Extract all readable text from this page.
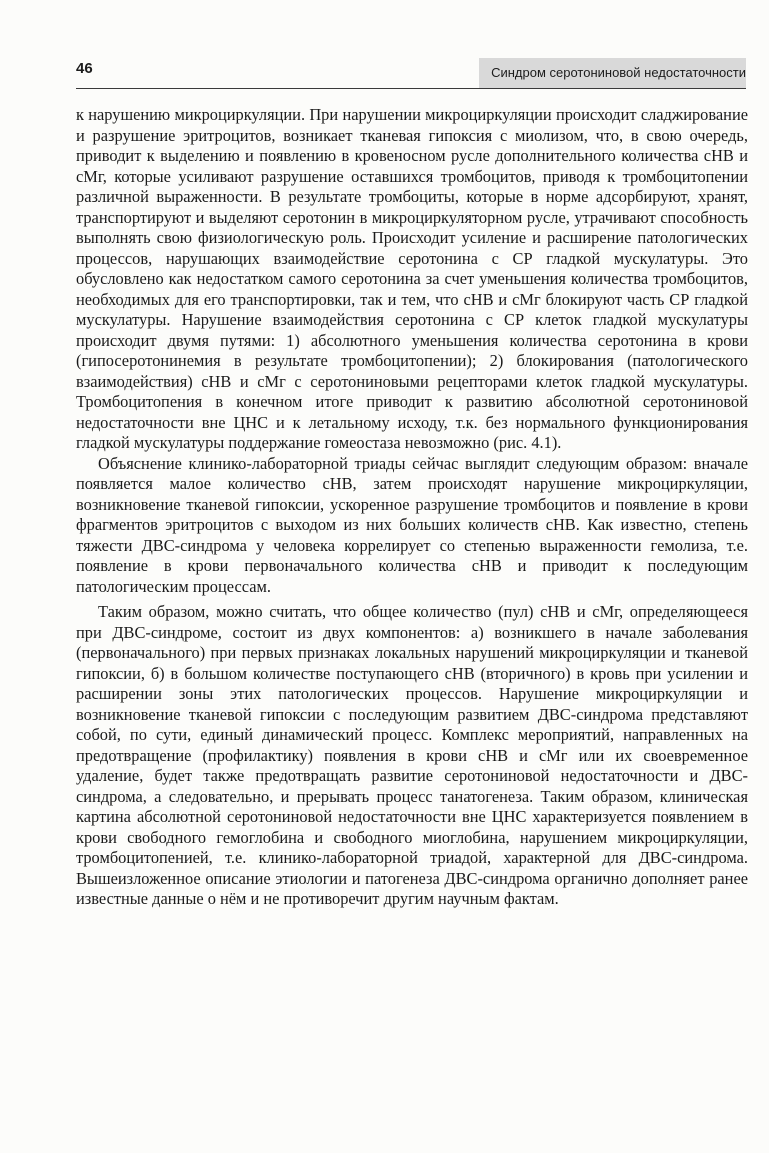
46	Синдром серотониновой недостаточности

к нарушению микроциркуляции. При нарушении микроциркуляции происходит сладжирование и разрушение эритроцитов, возникает тканевая гипоксия с миолизом, что, в свою очередь, приводит к выделению и появлению в кровеносном русле дополнительного количества сНВ и сМг, которые усиливают разрушение оставшихся тромбоцитов, приводя к тромбоцитопении различной выраженности. В результате тромбоциты, которые в норме адсорбируют, хранят, транспортируют и выделяют серотонин в микроциркуляторном русле, утрачивают способность выполнять свою физиологическую роль. Происходит усиление и расширение патологических процессов, нарушающих взаимодействие серотонина с СР гладкой мускулатуры. Это обусловлено как недостатком самого серотонина за счет уменьшения количества тромбоцитов, необходимых для его транспортировки, так и тем, что сНВ и сМг блокируют часть СР гладкой мускулатуры. Нарушение взаимодействия серотонина с СР клеток гладкой мускулатуры происходит двумя путями: 1) абсолютного уменьшения количества серотонина в крови (гипосеротонинемия в результате тромбоцитопении); 2) блокирования (патологического взаимодействия) сНВ и сМг с серотониновыми рецепторами клеток гладкой мускулатуры. Тромбоцитопения в конечном итоге приводит к развитию абсолютной серотониновой недостаточности вне ЦНС и к летальному исходу, т.к. без нормального функционирования гладкой мускулатуры поддержание гомеостаза невозможно (рис. 4.1).

Объяснение клинико-лабораторной триады сейчас выглядит следующим образом: вначале появляется малое количество сНВ, затем происходят нарушение микроциркуляции, возникновение тканевой гипоксии, ускоренное разрушение тромбоцитов и появление в крови фрагментов эритроцитов с выходом из них больших количеств сНВ. Как известно, степень тяжести ДВС-синдрома у человека коррелирует со степенью выраженности гемолиза, т.е. появление в крови первоначального количества сНВ и приводит к последующим патологическим процессам.

Таким образом, можно считать, что общее количество (пул) сНВ и сМг, определяющееся при ДВС-синдроме, состоит из двух компонентов: а) возникшего в начале заболевания (первоначального) при первых признаках локальных нарушений микроциркуляции и тканевой гипоксии, б) в большом количестве поступающего сНВ (вторичного) в кровь при усилении и расширении зоны этих патологических процессов. Нарушение микроциркуляции и возникновение тканевой гипоксии с последующим развитием ДВС-синдрома представляют собой, по сути, единый динамический процесс. Комплекс мероприятий, направленных на предотвращение (профилактику) появления в крови сНВ и сМг или их своевременное удаление, будет также предотвращать развитие серотониновой недостаточности и ДВС-синдрома, а следовательно, и прерывать процесс танатогенеза. Таким образом, клиническая картина абсолютной серотониновой недостаточности вне ЦНС характеризуется появлением в крови свободного гемоглобина и свободного миоглобина, нарушением микроциркуляции, тромбоцитопенией, т.е. клинико-лабораторной триадой, характерной для ДВС-синдрома. Вышеизложенное описание этиологии и патогенеза ДВС-синдрома органично дополняет ранее известные данные о нём и не противоречит другим научным фактам.
